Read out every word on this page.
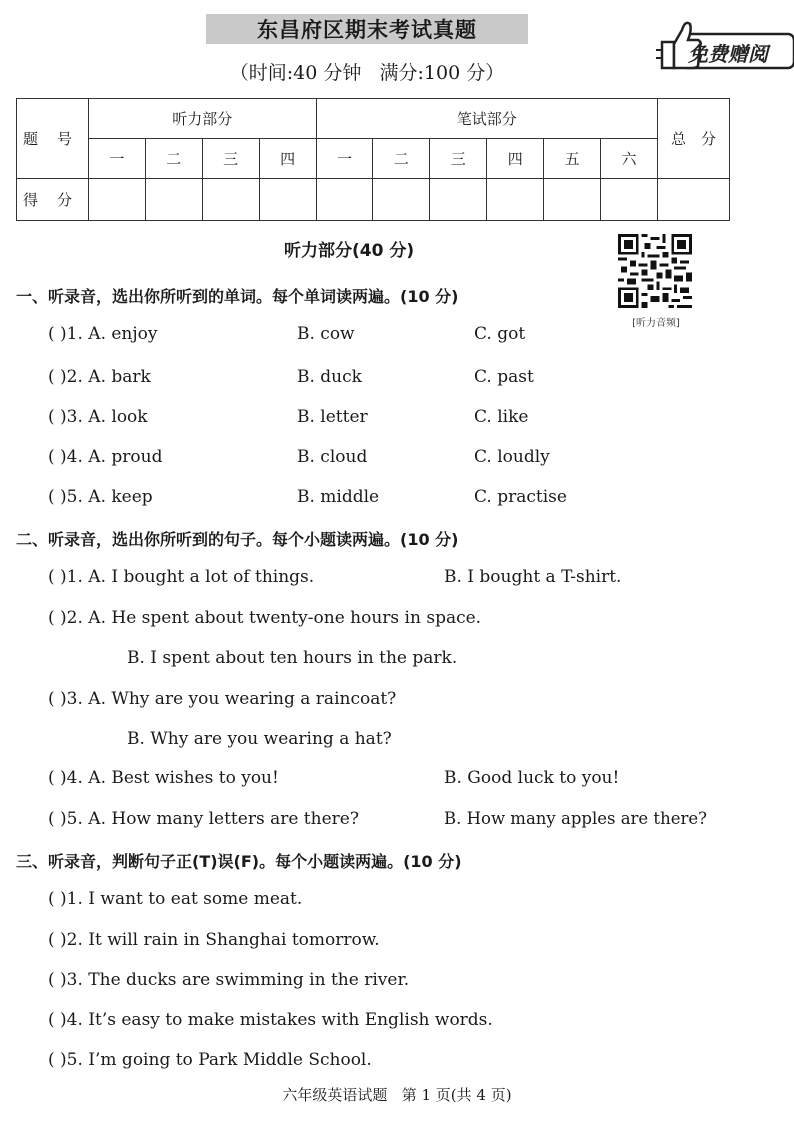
东昌府区期末考试真题
（时间:40 分钟   满分:100 分）
免费赠阅
题　号	听力部分				笔试部分						总　分
	一	二	三	四	一	二	三	四	五	六	
得　分											
听力部分(40 分)
[听力音频]
一、听录音，选出你所听到的单词。每个单词读两遍。(10 分)
( )1. A. enjoy	B. cow	C. got
( )2. A. bark	B. duck	C. past
( )3. A. look	B. letter	C. like
( )4. A. proud	B. cloud	C. loudly
( )5. A. keep	B. middle	C. practise
二、听录音，选出你所听到的句子。每个小题读两遍。(10 分)
( )1. A. I bought a lot of things.	B. I bought a T-shirt.
( )2. A. He spent about twenty-one hours in space.
B. I spent about ten hours in the park.
( )3. A. Why are you wearing a raincoat?
B. Why are you wearing a hat?
( )4. A. Best wishes to you!	B. Good luck to you!
( )5. A. How many letters are there?	B. How many apples are there?
三、听录音，判断句子正(T)误(F)。每个小题读两遍。(10 分)
( )1. I want to eat some meat.
( )2. It will rain in Shanghai tomorrow.
( )3. The ducks are swimming in the river.
( )4. It’s easy to make mistakes with English words.
( )5. I’m going to Park Middle School.
六年级英语试题   第 1 页(共 4 页)
